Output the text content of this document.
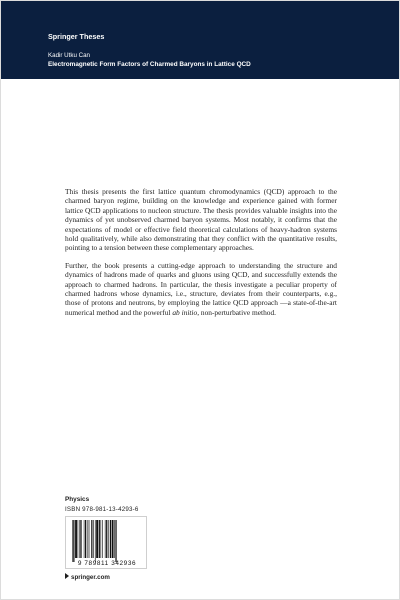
Springer Theses
Kadir Utku Can
Electromagnetic Form Factors of Charmed Baryons in Lattice QCD

This thesis presents the first lattice quantum chromodynamics (QCD) approach to the charmed baryon regime, building on the knowledge and experience gained with former lattice QCD applications to nucleon structure. The thesis provides valuable insights into the dynamics of yet unobserved charmed baryon systems. Most notably, it confirms that the expectations of model or effective field theoretical calculations of heavy-hadron systems hold qualitatively, while also demonstrating that they conflict with the quantitative results, pointing to a tension between these complementary approaches.

Further, the book presents a cutting-edge approach to understanding the structure and dynamics of hadrons made of quarks and gluons using QCD, and successfully extends the approach to charmed hadrons. In particular, the thesis investigate a peculiar property of charmed hadrons whose dynamics, i.e., structure, deviates from their counterparts, e.g., those of protons and neutrons, by employing the lattice QCD approach —a state-of-the-art numerical method and the powerful ab initio, non-perturbative method.

Physics
ISBN 978-981-13-4293-6
9 789811 342936
springer.com
